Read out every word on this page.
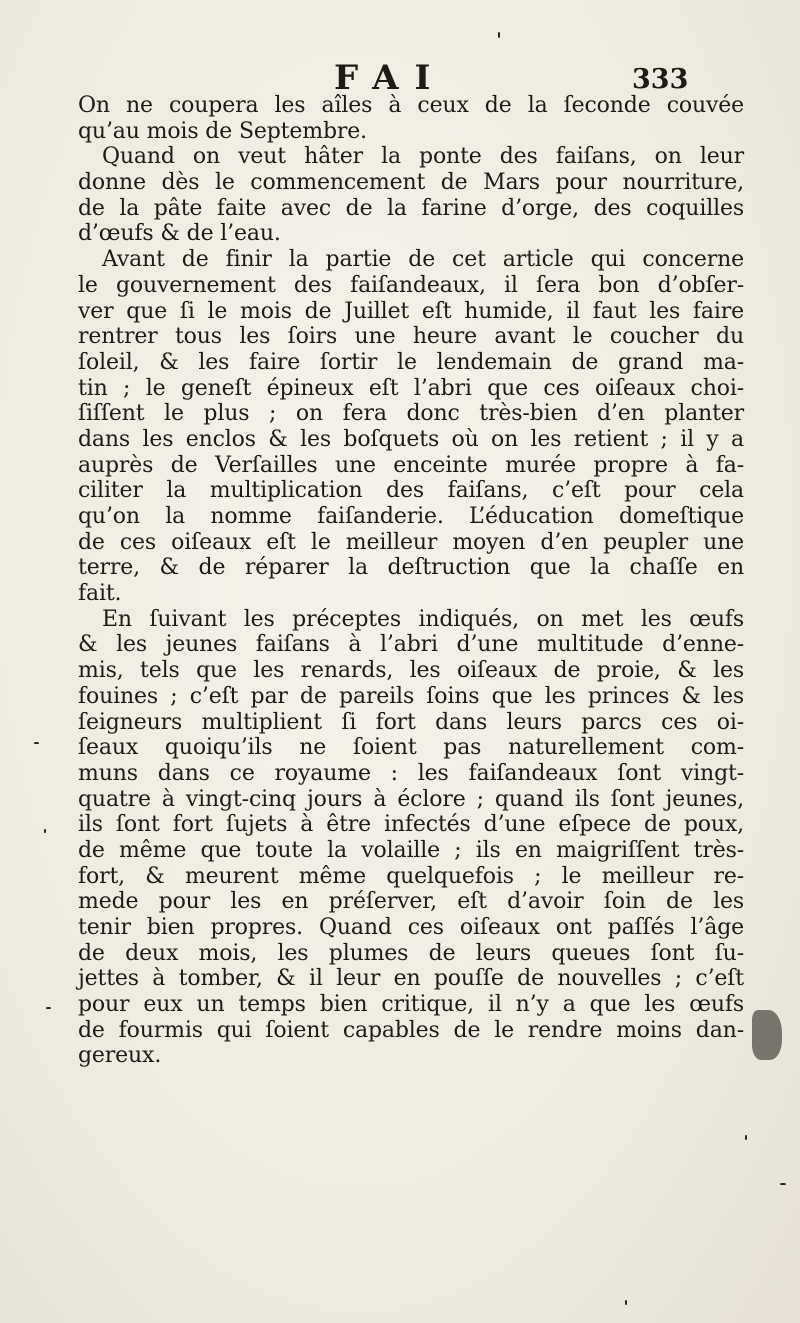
FAI	333
On ne coupera les aîles à ceux de la ſeconde couvée
qu’au mois de Septembre.
Quand on veut hâter la ponte des faiſans, on leur
donne dès le commencement de Mars pour nourriture,
de la pâte faite avec de la farine d’orge, des coquilles
d’œufs & de l’eau.
Avant de finir la partie de cet article qui concerne
le gouvernement des faiſandeaux, il ſera bon d’obſer-
ver que ſi le mois de Juillet eſt humide, il faut les faire
rentrer tous les ſoirs une heure avant le coucher du
ſoleil, & les faire ſortir le lendemain de grand ma-
tin ; le geneſt épineux eſt l’abri que ces oiſeaux choi-
ſiſſent le plus ; on fera donc très-bien d’en planter
dans les enclos & les boſquets où on les retient ; il y a
auprès de Verſailles une enceinte murée propre à fa-
ciliter la multiplication des faiſans, c’eſt pour cela
qu’on la nomme faiſanderie. L’éducation domeſtique
de ces oiſeaux eſt le meilleur moyen d’en peupler une
terre, & de réparer la deſtruction que la chaſſe en
fait.
En ſuivant les préceptes indiqués, on met les œufs
& les jeunes faiſans à l’abri d’une multitude d’enne-
mis, tels que les renards, les oiſeaux de proie, & les
fouines ; c’eſt par de pareils ſoins que les princes & les
ſeigneurs multiplient ſi fort dans leurs parcs ces oi-
ſeaux quoiqu’ils ne ſoient pas naturellement com-
muns dans ce royaume : les faiſandeaux ſont vingt-
quatre à vingt-cinq jours à éclore ; quand ils ſont jeunes,
ils ſont fort ſujets à être infectés d’une eſpece de poux,
de même que toute la volaille ; ils en maigriſſent très-
fort, & meurent même quelquefois ; le meilleur re-
mede pour les en préſerver, eſt d’avoir ſoin de les
tenir bien propres. Quand ces oiſeaux ont paſſés l’âge
de deux mois, les plumes de leurs queues ſont ſu-
jettes à tomber, & il leur en pouſſe de nouvelles ; c’eſt
pour eux un temps bien critique, il n’y a que les œufs
de fourmis qui ſoient capables de le rendre moins dan-
gereux.
